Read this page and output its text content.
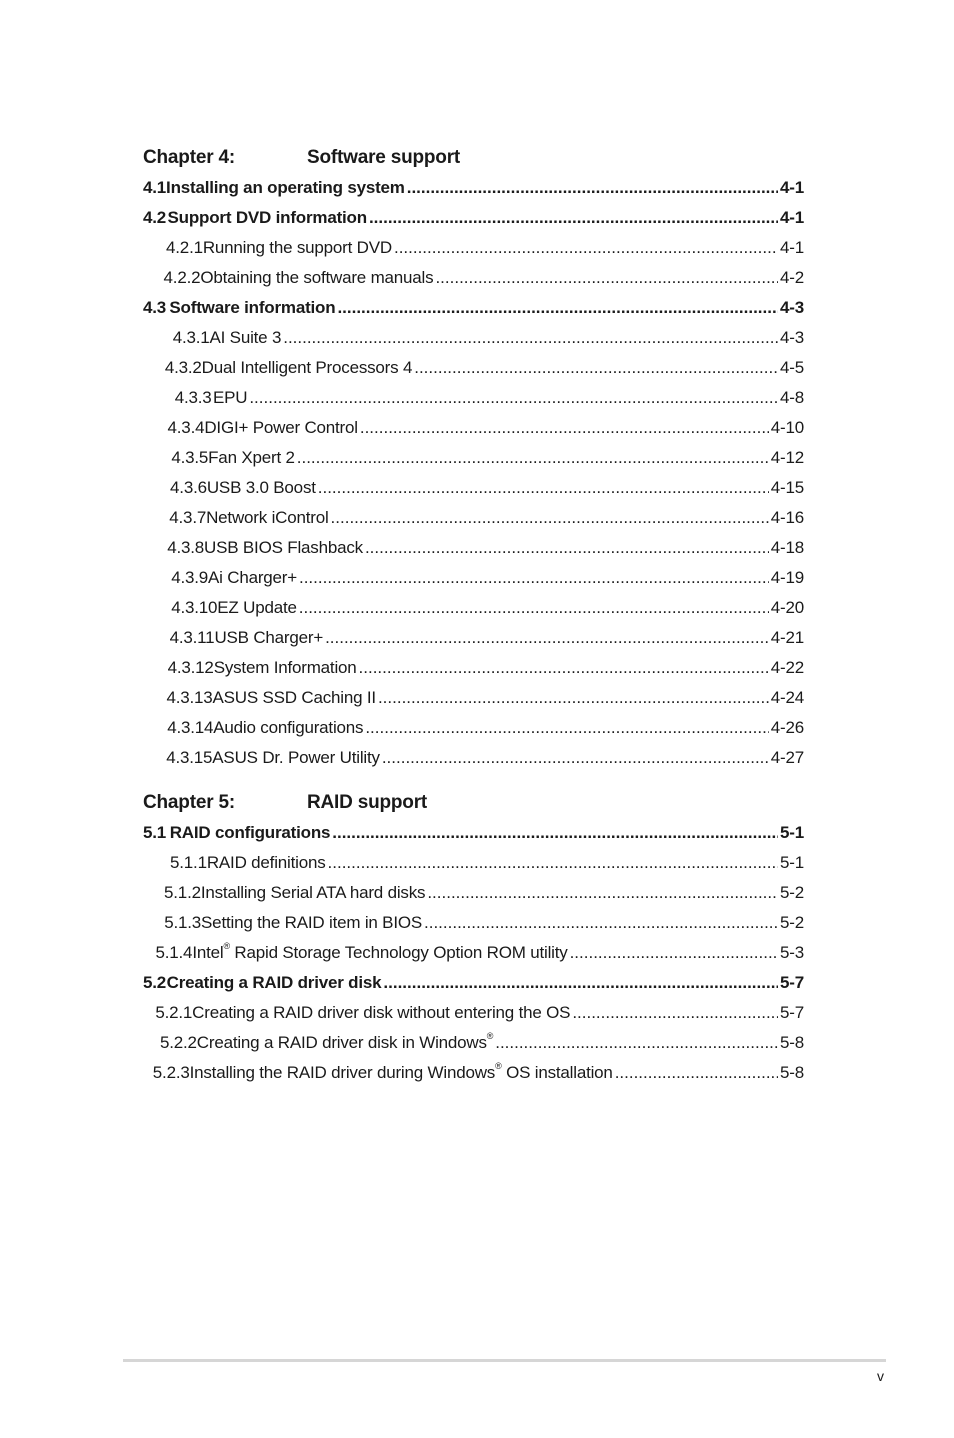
Chapter 4:	Software support
4.1 Installing an operating system .....	4-1
4.2 Support DVD information .....	4-1
4.2.1 Running the support DVD .....	4-1
4.2.2 Obtaining the software manuals .....	4-2
4.3 Software information .....	4-3
4.3.1 AI Suite 3 .....	4-3
4.3.2 Dual Intelligent Processors 4 .....	4-5
4.3.3 EPU .....	4-8
4.3.4 DIGI+ Power Control .....	4-10
4.3.5 Fan Xpert 2 .....	4-12
4.3.6 USB 3.0 Boost .....	4-15
4.3.7 Network iControl .....	4-16
4.3.8 USB BIOS Flashback .....	4-18
4.3.9 Ai Charger+ .....	4-19
4.3.10 EZ Update .....	4-20
4.3.11 USB Charger+ .....	4-21
4.3.12 System Information .....	4-22
4.3.13 ASUS SSD Caching II .....	4-24
4.3.14 Audio configurations .....	4-26
4.3.15 ASUS Dr. Power Utility .....	4-27
Chapter 5:	RAID support
5.1 RAID configurations .....	5-1
5.1.1 RAID definitions .....	5-1
5.1.2 Installing Serial ATA hard disks .....	5-2
5.1.3 Setting the RAID item in BIOS .....	5-2
5.1.4 Intel® Rapid Storage Technology Option ROM utility .....	5-3
5.2 Creating a RAID driver disk .....	5-7
5.2.1 Creating a RAID driver disk without entering the OS .....	5-7
5.2.2 Creating a RAID driver disk in Windows® .....	5-8
5.2.3 Installing the RAID driver during Windows® OS installation .....	5-8
v
